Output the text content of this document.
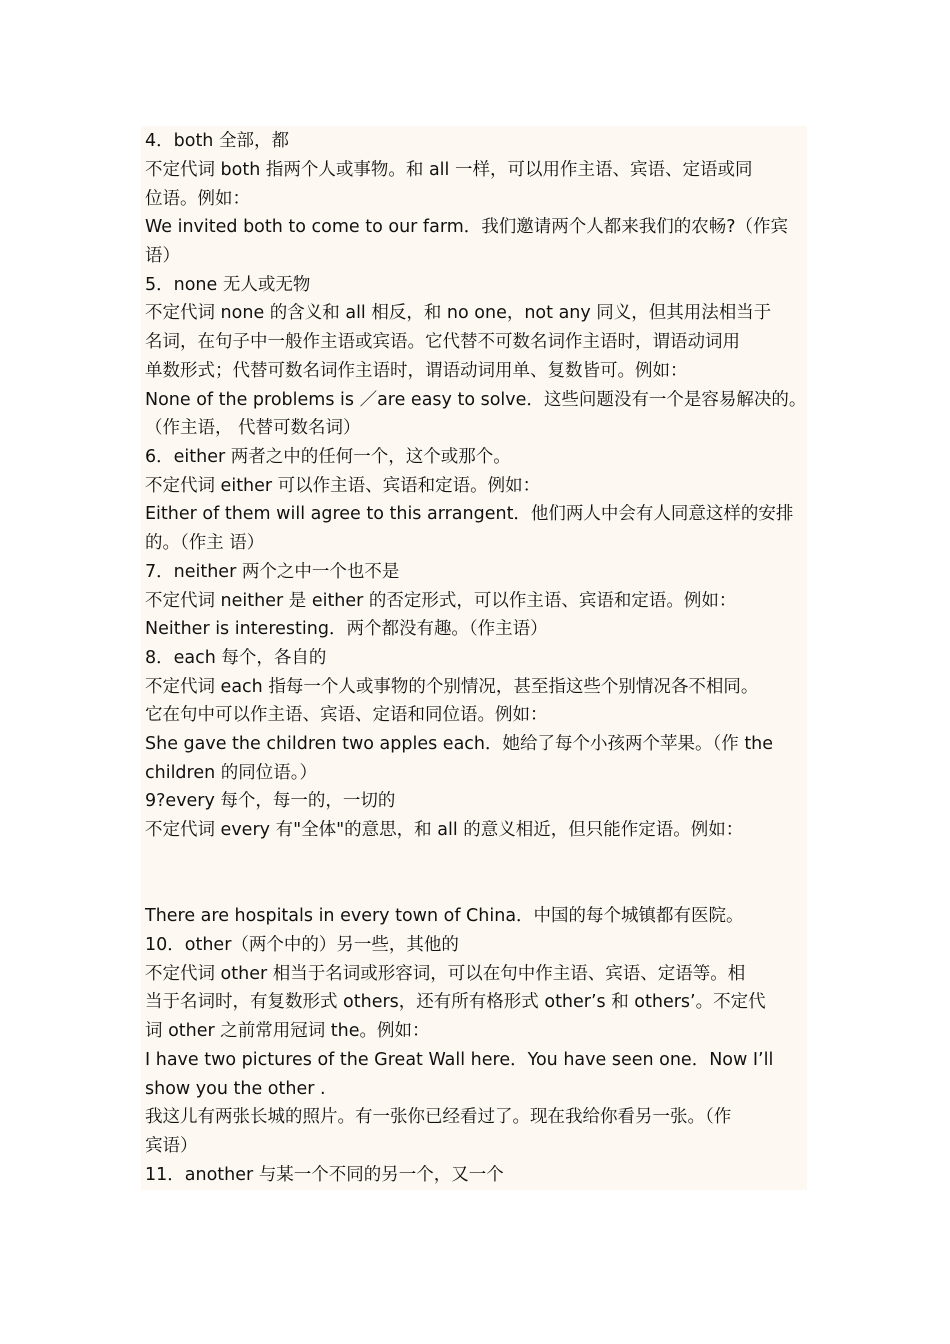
4．both 全部，都
不定代词 both 指两个人或事物。和 all 一样，可以用作主语、宾语、定语或同
位语。例如：
We invited both to come to our farm．我们邀请两个人都来我们的农畅?（作宾
语）
5．none 无人或无物
不定代词 none 的含义和 all 相反，和 no one，not any 同义，但其用法相当于
名词，在句子中一般作主语或宾语。它代替不可数名词作主语时，谓语动词用
单数形式；代替可数名词作主语时，谓语动词用单、复数皆可。例如：
None of the problems is ／are easy to solve．这些问题没有一个是容易解决的。
（作主语， 代替可数名词）
6．either 两者之中的任何一个，这个或那个。
不定代词 either 可以作主语、宾语和定语。例如：
Either of them will agree to this arrangent．他们两人中会有人同意这样的安排
的。（作主 语）
7．neither 两个之中一个也不是
不定代词 neither 是 either 的否定形式，可以作主语、宾语和定语。例如：
Neither is interesting．两个都没有趣。（作主语）
8．each 每个，各自的
不定代词 each 指每一个人或事物的个别情况，甚至指这些个别情况各不相同。
它在句中可以作主语、宾语、定语和同位语。例如：
She gave the children two apples each．她给了每个小孩两个苹果。（作 the
children 的同位语。）
9?every 每个，每一的，一切的
不定代词 every 有"全体"的意思，和 all 的意义相近，但只能作定语。例如：
There are hospitals in every town of China．中国的每个城镇都有医院。
10．other（两个中的）另一些，其他的
不定代词 other 相当于名词或形容词，可以在句中作主语、宾语、定语等。相
当于名词时，有复数形式 others，还有所有格形式 other’s 和 others’。不定代
词 other 之前常用冠词 the。例如：
I have two pictures of the Great Wall here．You have seen one．Now I’ll
show you the other .
我这儿有两张长城的照片。有一张你已经看过了。现在我给你看另一张。（作
宾语）
11．another 与某一个不同的另一个，又一个
